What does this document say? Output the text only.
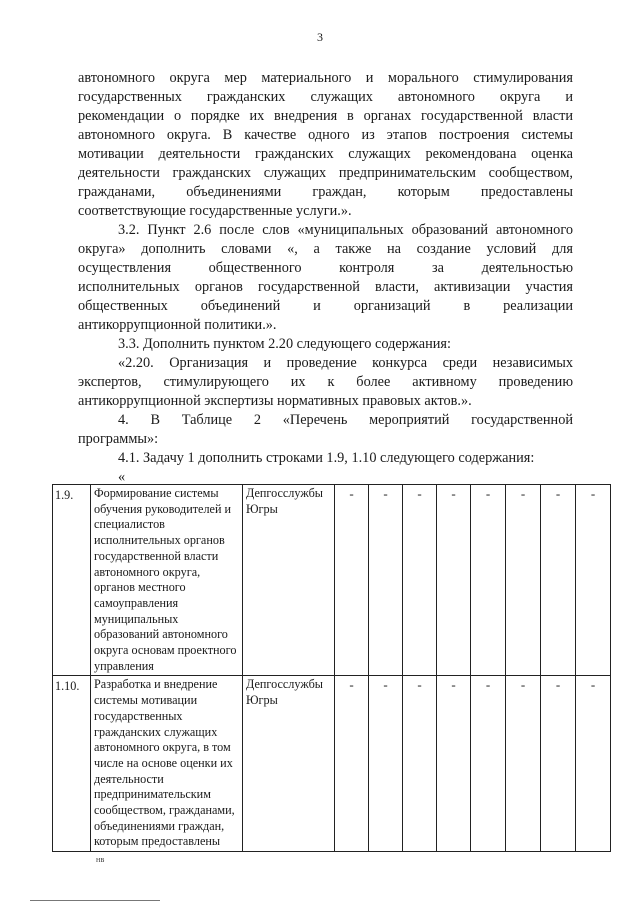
3
автономного округа мер материального и морального стимулирования
государственных гражданских служащих автономного округа и
рекомендации о порядке их внедрения в органах государственной власти
автономного округа. В качестве одного из этапов построения системы
мотивации деятельности гражданских служащих рекомендована оценка
деятельности гражданских служащих предпринимательским сообществом,
гражданами, объединениями граждан, которым предоставлены
соответствующие государственные услуги.».
3.2. Пункт 2.6 после слов «муниципальных образований автономного
округа» дополнить словами «, а также на создание условий для
осуществления общественного контроля за деятельностью
исполнительных органов государственной власти, активизации участия
общественных объединений и организаций в реализации
антикоррупционной политики.».
3.3. Дополнить пунктом 2.20 следующего содержания:
«2.20. Организация и проведение конкурса среди независимых
экспертов, стимулирующего их к более активному проведению
антикоррупционной экспертизы нормативных правовых актов.».
4. В Таблице 2 «Перечень мероприятий государственной
программы»:
4.1. Задачу 1 дополнить строками 1.9, 1.10 следующего содержания:
«
1.9.	Формирование системы обучения руководителей и специалистов исполнительных органов государственной власти автономного округа, органов местного самоуправления муниципальных образований автономного округа основам проектного управления	Депгосслужбы Югры	-	-	-	-	-	-	-	-
1.10.	Разработка и внедрение системы мотивации государственных гражданских служащих автономного округа, в том числе на основе оценки их деятельности предпринимательским сообществом, гражданами, объединениями граждан, которым предоставлены	Депгосслужбы Югры	-	-	-	-	-	-	-	-
НВ
